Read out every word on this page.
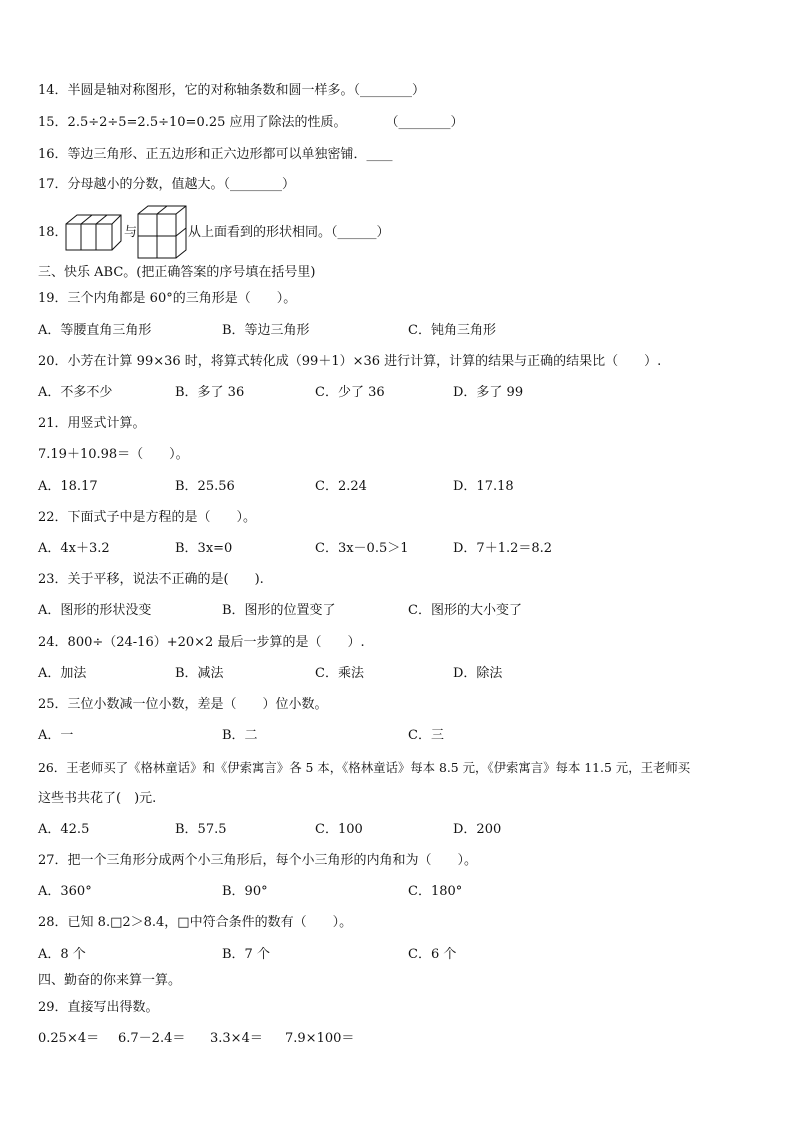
14．半圆是轴对称图形，它的对称轴条数和圆一样多。（________）
15．2.5÷2÷5=2.5÷10=0.25 应用了除法的性质。　　　　（________）
16．等边三角形、正五边形和正六边形都可以单独密铺．____
17．分母越小的分数，值越大。（________）
18．	与	从上面看到的形状相同。（______）
三、快乐 ABC。(把正确答案的序号填在括号里)
19．三个内角都是 60°的三角形是（　　）。
A．等腰直角三角形	B．等边三角形	C．钝角三角形
20．小芳在计算 99×36 时，将算式转化成（99＋1）×36 进行计算，计算的结果与正确的结果比（　　）.
A．不多不少	B．多了 36	C．少了 36	D．多了 99
21．用竖式计算。
7.19＋10.98＝（　　）。
A．18.17	B．25.56	C．2.24	D．17.18
22．下面式子中是方程的是（　　）。
A．4x＋3.2	B．3x=0	C．3x－0.5＞1	D．7＋1.2＝8.2
23．关于平移，说法不正确的是(　　).
A．图形的形状没变	B．图形的位置变了	C．图形的大小变了
24．800÷（24-16）+20×2 最后一步算的是（　　）.
A．加法	B．减法	C．乘法	D．除法
25．三位小数减一位小数，差是（　　）位小数。
A．一	B．二	C．三
26．王老师买了《格林童话》和《伊索寓言》各 5 本，《格林童话》每本 8.5 元，《伊索寓言》每本 11.5 元，王老师买
这些书共花了(　)元.
A．42.5	B．57.5	C．100	D．200
27．把一个三角形分成两个小三角形后，每个小三角形的内角和为（　　）。
A．360°	B．90°	C．180°
28．已知 8.□2＞8.4，□中符合条件的数有（　　）。
A．8 个	B．7 个	C．6 个
四、勤奋的你来算一算。
29．直接写出得数。
0.25×4＝ 6.7－2.4＝ 3.3×4＝ 7.9×100＝
